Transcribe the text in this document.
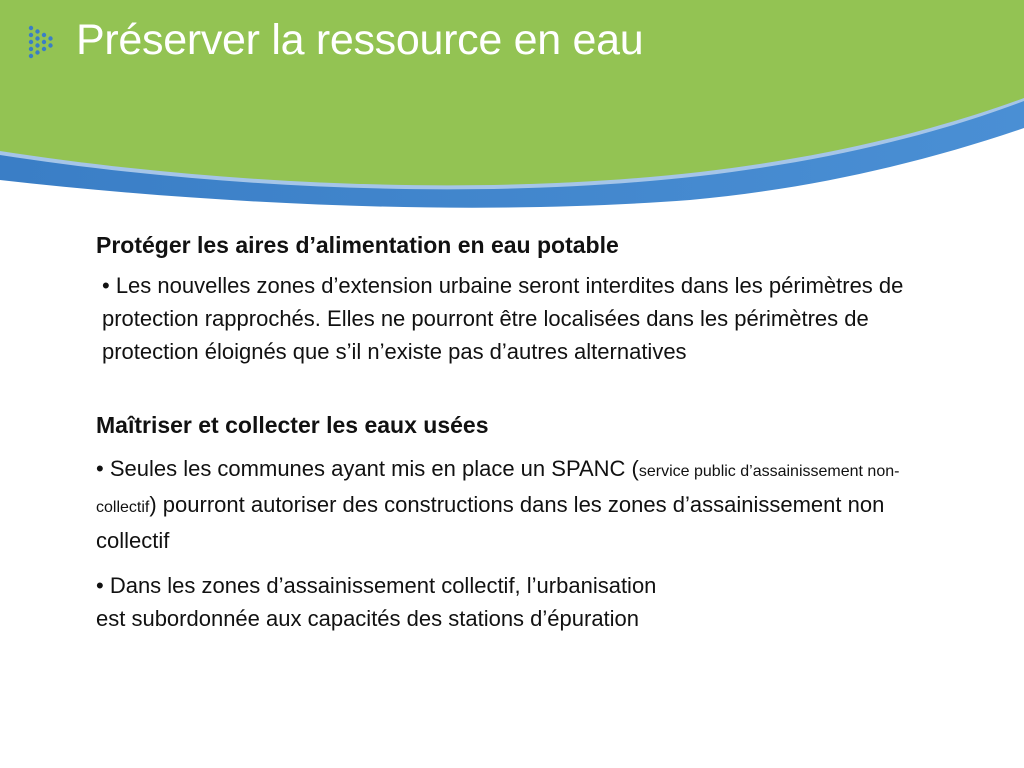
Préserver la ressource en eau
Protéger les aires d’alimentation en eau potable

• Les nouvelles zones d’extension urbaine seront interdites dans les périmètres de protection rapprochés. Elles ne pourront être localisées dans les périmètres de protection éloignés que s’il n’existe pas d’autres alternatives

Maîtriser et collecter les eaux usées

• Seules les communes ayant mis en place un SPANC (service public d’assainissement non-collectif) pourront autoriser des constructions dans les zones d’assainissement non collectif

• Dans les zones d’assainissement collectif, l’urbanisation
est subordonnée aux capacités des stations d’épuration
